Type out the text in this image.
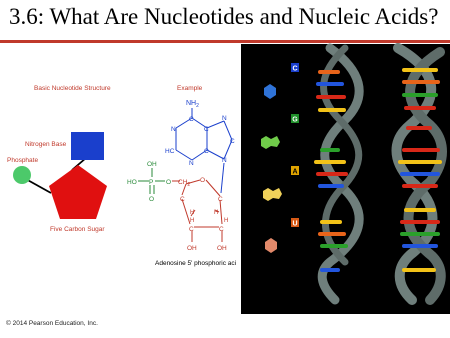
3.6: What Are Nucleotides and Nucleic Acids?
Basic Nucleotide Structure
Phosphate
Nitrogen Base
Five Carbon Sugar
Example
$NH_2$
C
N	C
HC	C
N
N
C
N
HO P
OH
O
O $CH_2$
O
C	C
H	H
H	H
C	C
OH	OH
Adenosine 5' phosphoric aci
C
G
A
U
© 2014 Pearson Education, Inc.
